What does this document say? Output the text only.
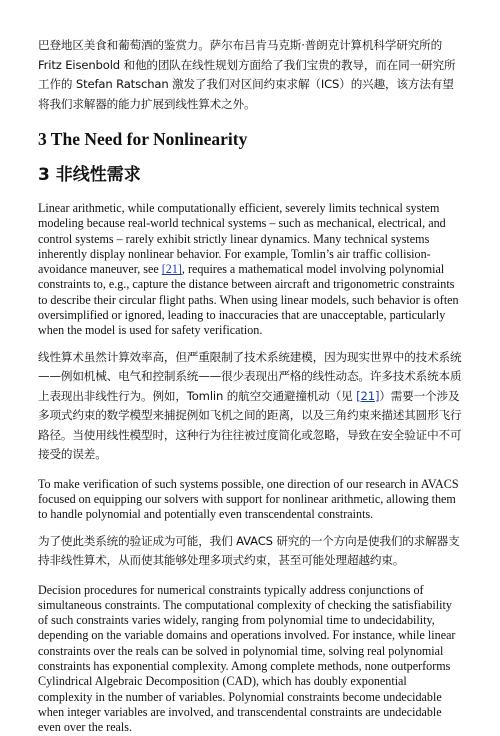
巴登地区美食和葡萄酒的鉴赏力。萨尔布吕肯马克斯·普朗克计算机科学研究所的 Fritz Eisenbold 和他的团队在线性规划方面给了我们宝贵的教导，而在同一研究所工作的 Stefan Ratschan 激发了我们对区间约束求解（ICS）的兴趣，该方法有望将我们求解器的能力扩展到线性算术之外。

3 The Need for Nonlinearity
3 非线性需求

Linear arithmetic, while computationally efficient, severely limits technical system modeling because real-world technical systems – such as mechanical, electrical, and control systems – rarely exhibit strictly linear dynamics. Many technical systems inherently display nonlinear behavior. For example, Tomlin’s air traffic collision-avoidance maneuver, see [21], requires a mathematical model involving polynomial constraints to, e.g., capture the distance between aircraft and trigonometric constraints to describe their circular flight paths. When using linear models, such behavior is often oversimplified or ignored, leading to inaccuracies that are unacceptable, particularly when the model is used for safety verification.

线性算术虽然计算效率高，但严重限制了技术系统建模，因为现实世界中的技术系统——例如机械、电气和控制系统——很少表现出严格的线性动态。许多技术系统本质上表现出非线性行为。例如，Tomlin 的航空交通避撞机动（见 [21]）需要一个涉及多项式约束的数学模型来捕捉例如飞机之间的距离，以及三角约束来描述其圆形飞行路径。当使用线性模型时，这种行为往往被过度简化或忽略，导致在安全验证中不可接受的误差。

To make verification of such systems possible, one direction of our research in AVACS focused on equipping our solvers with support for nonlinear arithmetic, allowing them to handle polynomial and potentially even transcendental constraints.

为了使此类系统的验证成为可能，我们 AVACS 研究的一个方向是使我们的求解器支持非线性算术，从而使其能够处理多项式约束，甚至可能处理超越约束。

Decision procedures for numerical constraints typically address conjunctions of simultaneous constraints. The computational complexity of checking the satisfiability of such constraints varies widely, ranging from polynomial time to undecidability, depending on the variable domains and operations involved. For instance, while linear constraints over the reals can be solved in polynomial time, solving real polynomial constraints has exponential complexity. Among complete methods, none outperforms Cylindrical Algebraic Decomposition (CAD), which has doubly exponential complexity in the number of variables. Polynomial constraints become undecidable when integer variables are involved, and transcendental constraints are undecidable even over the reals.
